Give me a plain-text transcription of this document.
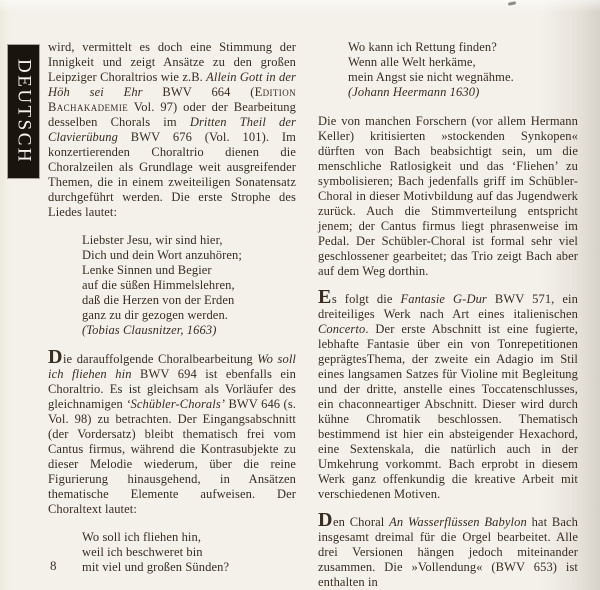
DEUTSCH

wird, vermittelt es doch eine Stimmung der Innigkeit und zeigt Ansätze zu den großen Leipziger Choraltrios wie z.B. Allein Gott in der Höh sei Ehr BWV 664 (Edition Bachakademie Vol. 97) oder der Bearbeitung desselben Chorals im Dritten Theil der Clavierübung BWV 676 (Vol. 101). Im konzertierenden Choraltrio dienen die Choralzeilen als Grundlage weit ausgreifender Themen, die in einem zweiteiligen Sonatensatz durchgeführt werden. Die erste Strophe des Liedes lautet:

Liebster Jesu, wir sind hier,
Dich und dein Wort anzuhören;
Lenke Sinnen und Begier
auf die süßen Himmelslehren,
daß die Herzen von der Erden
ganz zu dir gezogen werden.
(Tobias Clausnitzer, 1663)

Die darauffolgende Choralbearbeitung Wo soll ich fliehen hin BWV 694 ist ebenfalls ein Choraltrio. Es ist gleichsam als Vorläufer des gleichnamigen ‘Schübler-Chorals’ BWV 646 (s. Vol. 98) zu betrachten. Der Eingangsabschnitt (der Vordersatz) bleibt thematisch frei vom Cantus firmus, während die Kontrasubjekte zu dieser Melodie wiederum, über die reine Figurierung hinausgehend, in Ansätzen thematische Elemente aufweisen. Der Choraltext lautet:

Wo soll ich fliehen hin,
weil ich beschweret bin
mit viel und großen Sünden?
Wo kann ich Rettung finden?
Wenn alle Welt herkäme,
mein Angst sie nicht wegnähme.
(Johann Heermann 1630)

Die von manchen Forschern (vor allem Hermann Keller) kritisierten »stockenden Synkopen« dürften von Bach beabsichtigt sein, um die menschliche Ratlosigkeit und das ‘Fliehen’ zu symbolisieren; Bach jedenfalls griff im Schübler-Choral in dieser Motivbildung auf das Jugendwerk zurück. Auch die Stimmverteilung entspricht jenem; der Cantus firmus liegt phrasenweise im Pedal. Der Schübler-Choral ist formal sehr viel geschlossener gearbeitet; das Trio zeigt Bach aber auf dem Weg dorthin.

Es folgt die Fantasie G-Dur BWV 571, ein dreiteiliges Werk nach Art eines italienischen Concerto. Der erste Abschnitt ist eine fugierte, lebhafte Fantasie über ein von Tonrepetitionen geprägtesThema, der zweite ein Adagio im Stil eines langsamen Satzes für Violine mit Begleitung und der dritte, anstelle eines Toccatenschlusses, ein chaconneartiger Abschnitt. Dieser wird durch kühne Chromatik beschlossen. Thematisch bestimmend ist hier ein absteigender Hexachord, eine Sextenskala, die natürlich auch in der Umkehrung vorkommt. Bach erprobt in diesem Werk ganz offenkundig die kreative Arbeit mit verschiedenen Motiven.

Den Choral An Wasserflüssen Babylon hat Bach insgesamt dreimal für die Orgel bearbeitet. Alle drei Versionen hängen jedoch miteinander zusammen. Die »Vollendung« (BWV 653) ist enthalten in

8
